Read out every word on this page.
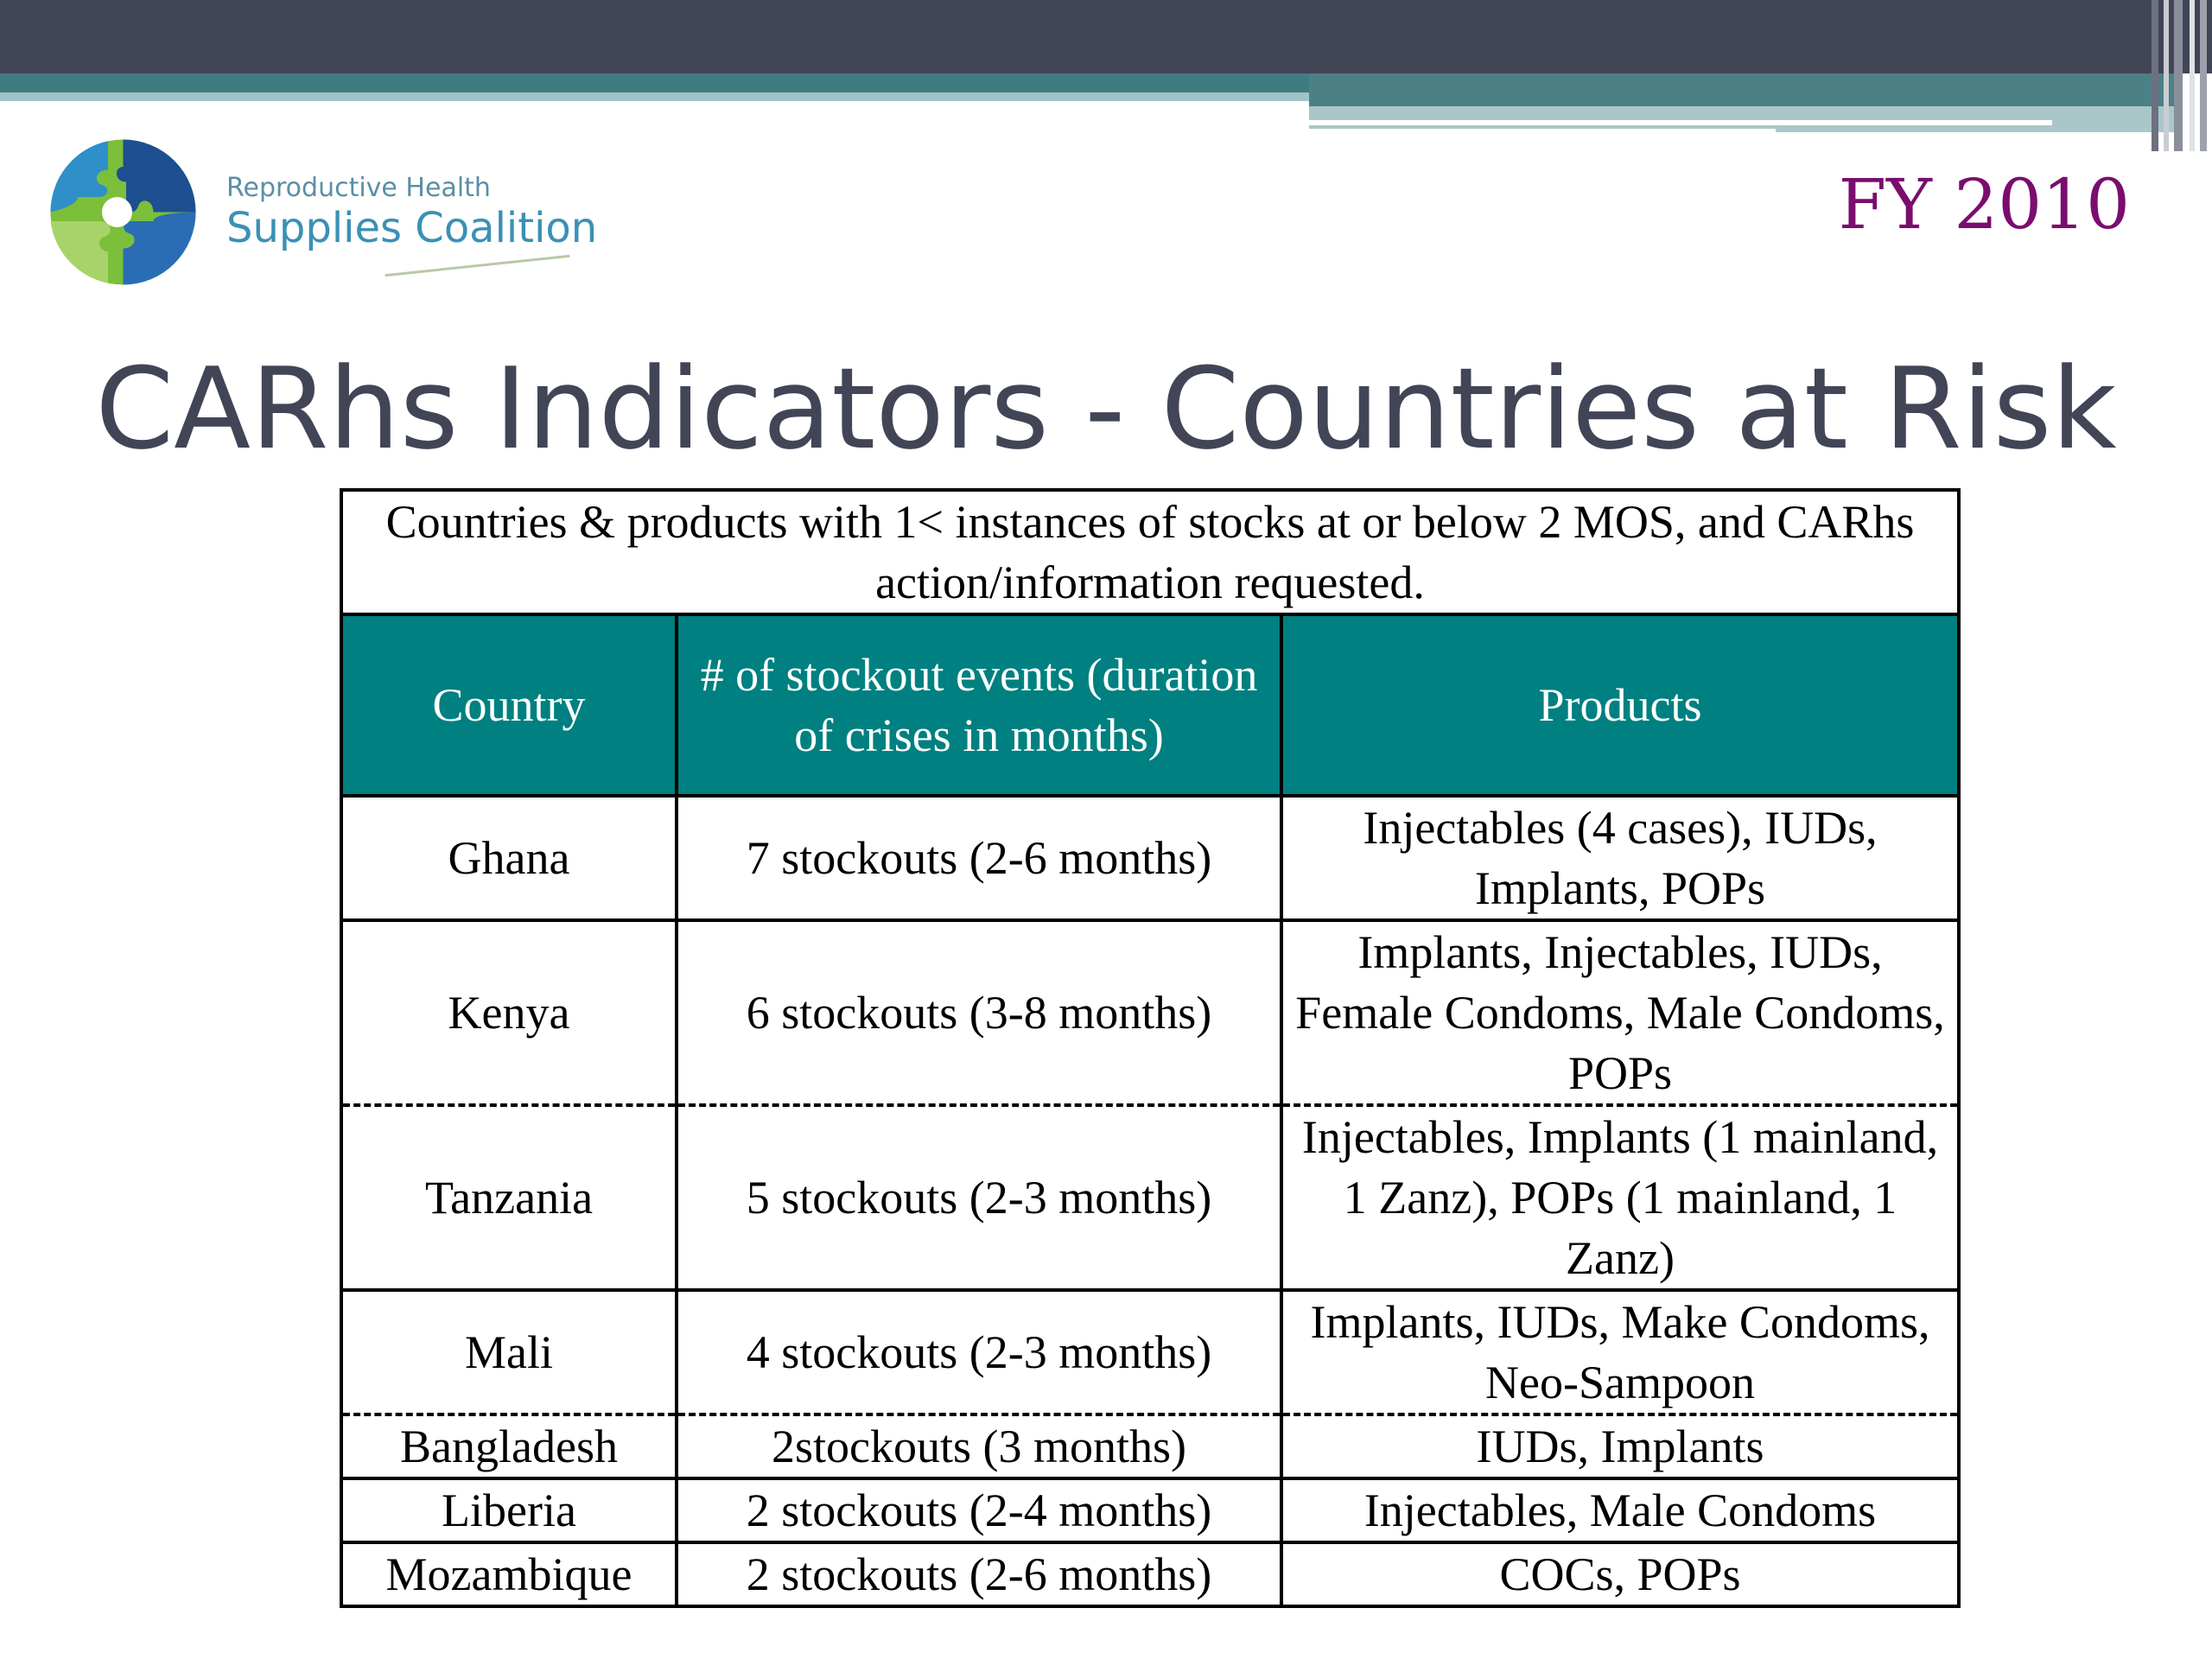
Reproductive Health
Supplies Coalition	FY 2010
CARhs Indicators - Countries at Risk
Countries & products with 1< instances of stocks at or below 2 MOS, and CARhs action/information requested.		
Country	# of stockout events (duration of crises in months)	Products
Ghana	7 stockouts (2-6 months)	Injectables (4 cases), IUDs, Implants, POPs
Kenya	6 stockouts (3-8 months)	Implants, Injectables, IUDs, Female Condoms, Male Condoms, POPs
Tanzania	5 stockouts (2-3 months)	Injectables, Implants (1 mainland, 1 Zanz), POPs (1 mainland, 1 Zanz)
Mali	4 stockouts (2-3 months)	Implants, IUDs, Make Condoms, Neo-Sampoon
Bangladesh	2stockouts (3 months)	IUDs, Implants
Liberia	2 stockouts (2-4 months)	Injectables, Male Condoms
Mozambique	2 stockouts (2-6 months)	COCs, POPs
